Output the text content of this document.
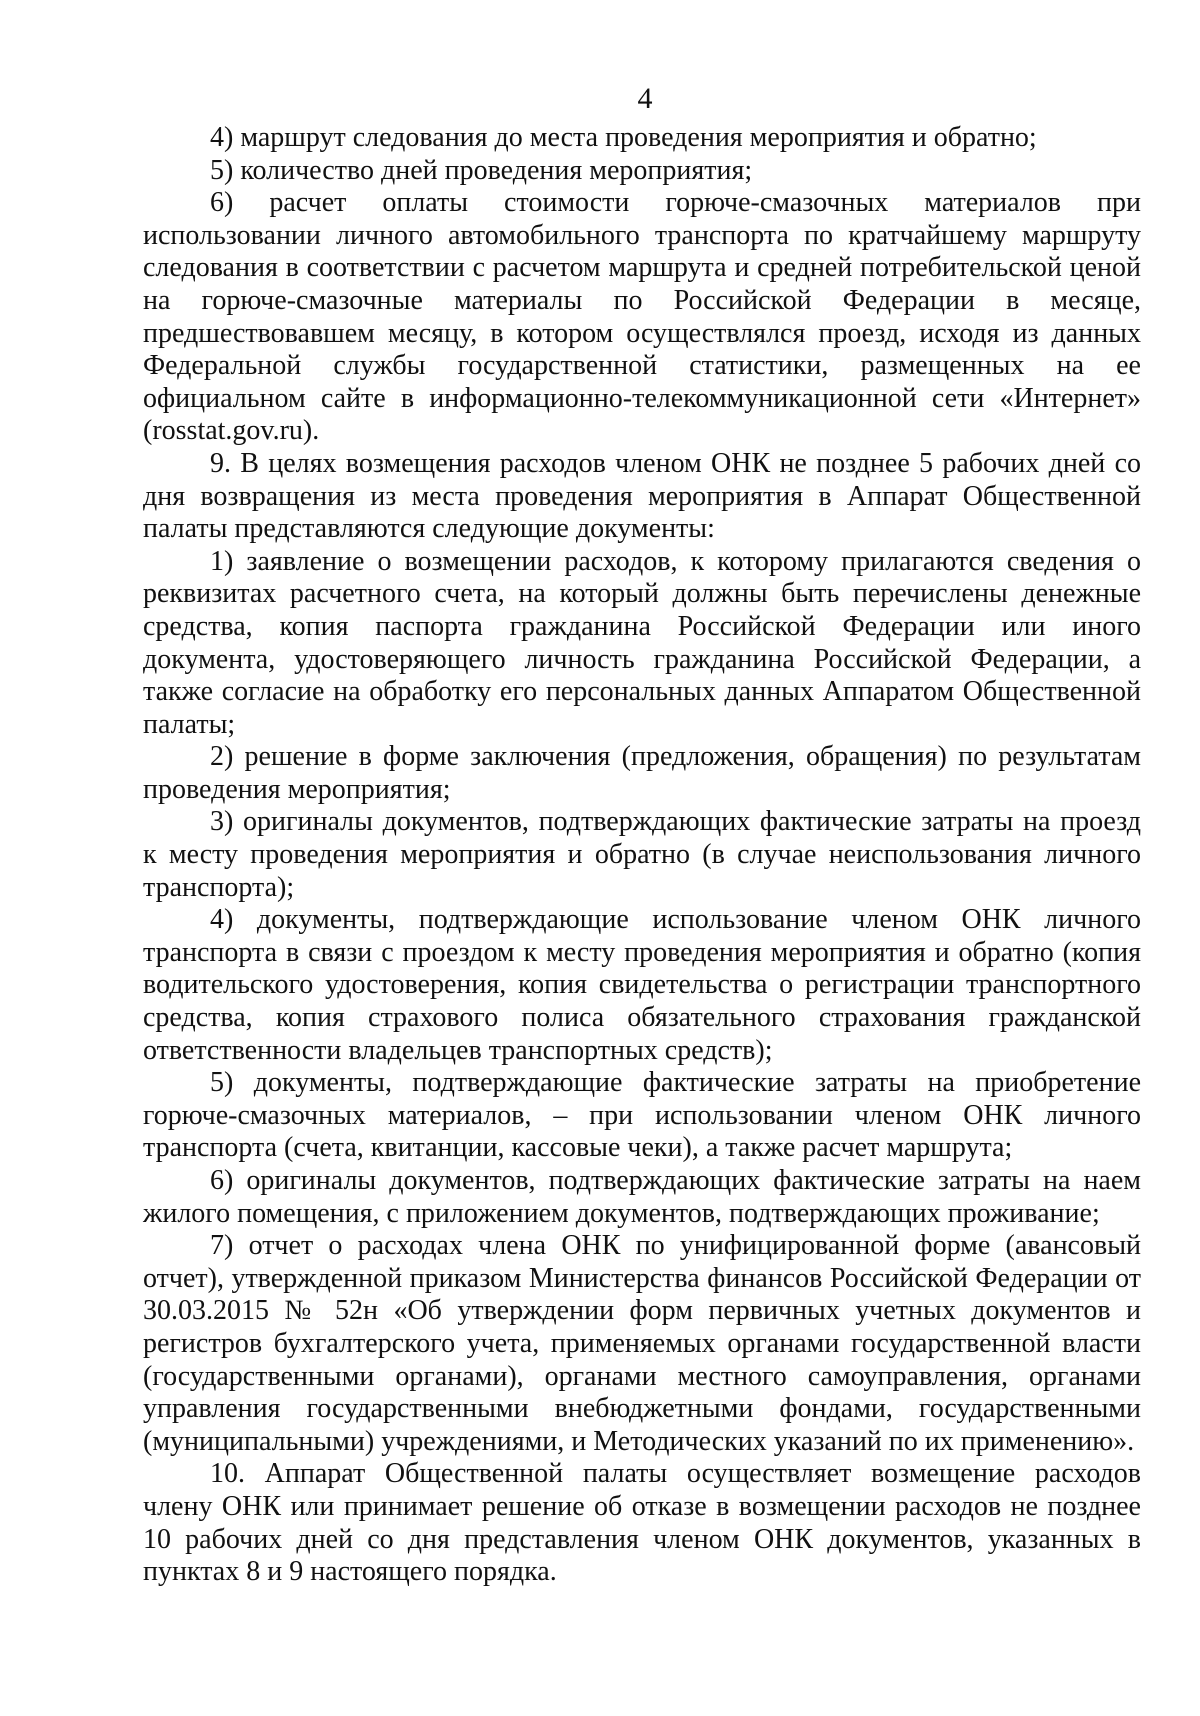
4

4) маршрут следования до места проведения мероприятия и обратно;

5) количество дней проведения мероприятия;

6) расчет оплаты стоимости горюче-смазочных материалов при использовании личного автомобильного транспорта по кратчайшему маршруту следования в соответствии с расчетом маршрута и средней потребительской ценой на горюче-смазочные материалы по Российской Федерации в месяце, предшествовавшем месяцу, в котором осуществлялся проезд, исходя из данных Федеральной службы государственной статистики, размещенных на ее официальном сайте в информационно-телекоммуникационной сети «Интернет» (rosstat.gov.ru).

9. В целях возмещения расходов членом ОНК не позднее 5 рабочих дней со дня возвращения из места проведения мероприятия в Аппарат Общественной палаты представляются следующие документы:

1) заявление о возмещении расходов, к которому прилагаются сведения о реквизитах расчетного счета, на который должны быть перечислены денежные средства, копия паспорта гражданина Российской Федерации или иного документа, удостоверяющего личность гражданина Российской Федерации, а также согласие на обработку его персональных данных Аппаратом Общественной палаты;

2) решение в форме заключения (предложения, обращения) по результатам проведения мероприятия;

3) оригиналы документов, подтверждающих фактические затраты на проезд к месту проведения мероприятия и обратно (в случае неиспользования личного транспорта);

4) документы, подтверждающие использование членом ОНК личного транспорта в связи с проездом к месту проведения мероприятия и обратно (копия водительского удостоверения, копия свидетельства о регистрации транспортного средства, копия страхового полиса обязательного страхования гражданской ответственности владельцев транспортных средств);

5) документы, подтверждающие фактические затраты на приобретение горюче-смазочных материалов, – при использовании членом ОНК личного транспорта (счета, квитанции, кассовые чеки), а также расчет маршрута;

6) оригиналы документов, подтверждающих фактические затраты на наем жилого помещения, с приложением документов, подтверждающих проживание;

7) отчет о расходах члена ОНК по унифицированной форме (авансовый отчет), утвержденной приказом Министерства финансов Российской Федерации от 30.03.2015 № 52н «Об утверждении форм первичных учетных документов и регистров бухгалтерского учета, применяемых органами государственной власти (государственными органами), органами местного самоуправления, органами управления государственными внебюджетными фондами, государственными (муниципальными) учреждениями, и Методических указаний по их применению».

10. Аппарат Общественной палаты осуществляет возмещение расходов члену ОНК или принимает решение об отказе в возмещении расходов не позднее 10 рабочих дней со дня представления членом ОНК документов, указанных в пунктах 8 и 9 настоящего порядка.
